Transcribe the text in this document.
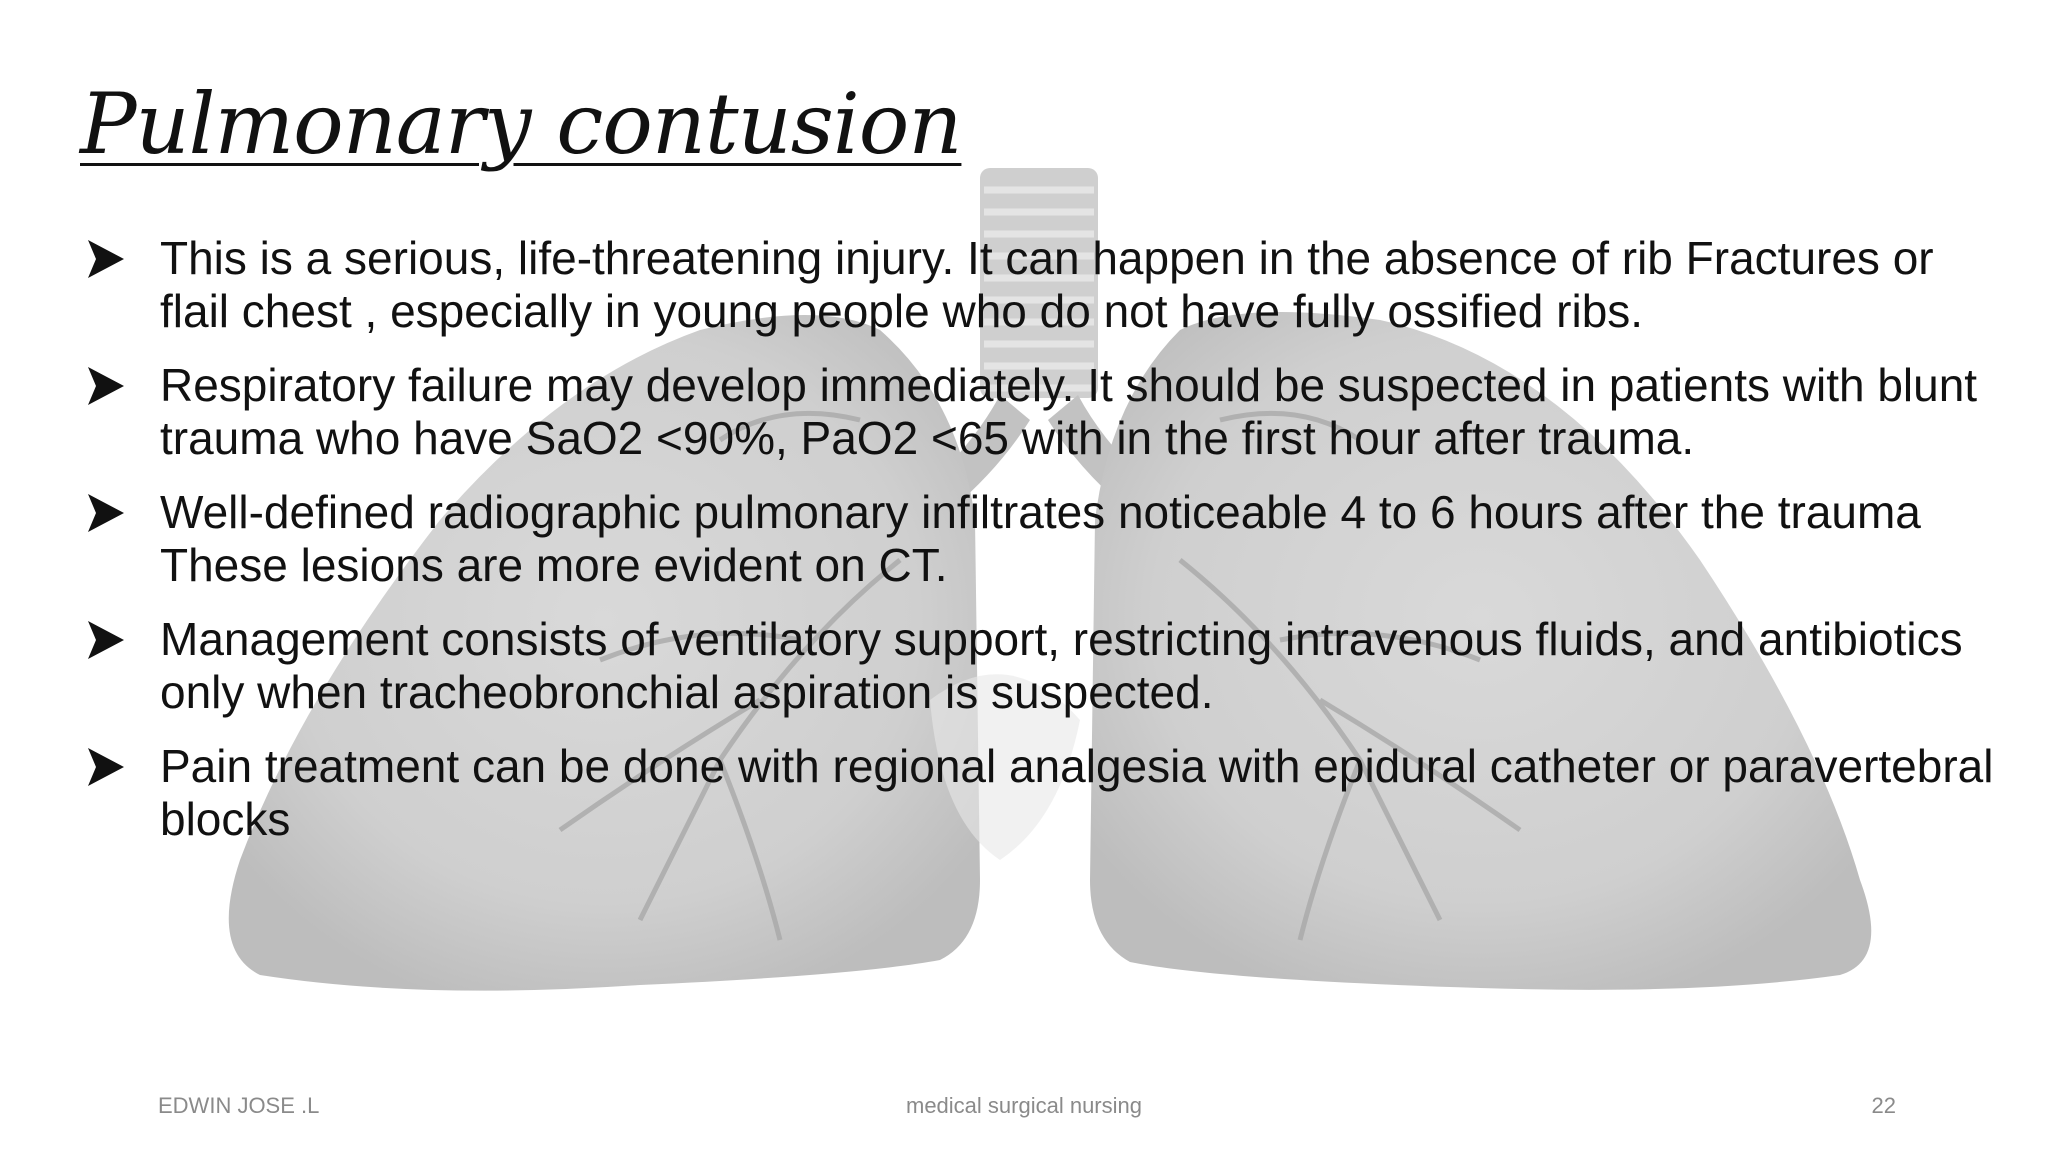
Pulmonary contusion
This is a serious, life-threatening injury. It can happen in the absence of rib Fractures or flail chest , especially in young people who do not have fully ossified ribs.
Respiratory failure may develop immediately. It should be suspected in patients with blunt trauma who have SaO2 <90%, PaO2 <65 with in the first hour after trauma.
Well-defined radiographic pulmonary infiltrates noticeable 4 to 6 hours after the trauma These lesions are more evident on CT.
Management consists of ventilatory support, restricting intravenous fluids, and antibiotics only when tracheobronchial aspiration is suspected.
Pain treatment can be done with regional analgesia with epidural catheter or paravertebral blocks
EDWIN JOSE .L	medical surgical nursing	22
